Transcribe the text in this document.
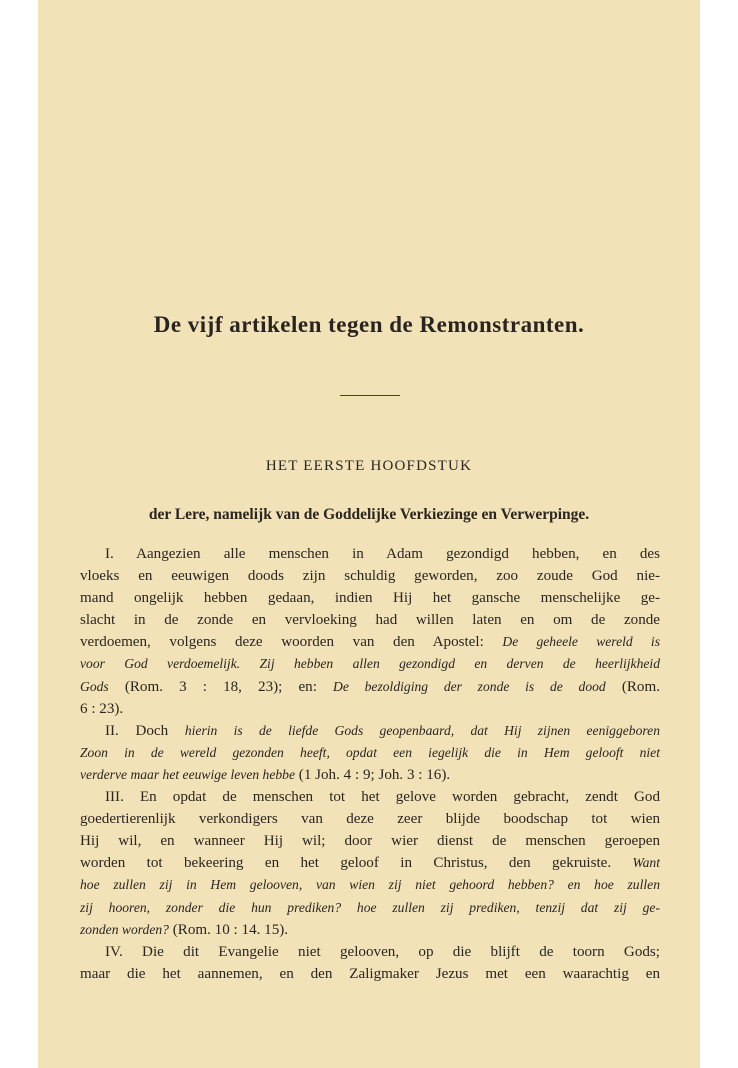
De vijf artikelen tegen de Remonstranten.
HET EERSTE HOOFDSTUK
der Lere, namelijk van de Goddelijke Verkiezinge en Verwerpinge.
I. Aangezien alle menschen in Adam gezondigd hebben, en des
vloeks en eeuwigen doods zijn schuldig geworden, zoo zoude God nie-
mand ongelijk hebben gedaan, indien Hij het gansche menschelijke ge-
slacht in de zonde en vervloeking had willen laten en om de zonde
verdoemen, volgens deze woorden van den Apostel: De geheele wereld is
voor God verdoemelijk. Zij hebben allen gezondigd en derven de heerlijkheid
Gods (Rom. 3 : 18, 23); en: De bezoldiging der zonde is de dood (Rom.
6 : 23).
II. Doch hierin is de liefde Gods geopenbaard, dat Hij zijnen eeniggeboren
Zoon in de wereld gezonden heeft, opdat een iegelijk die in Hem gelooft niet
verderve maar het eeuwige leven hebbe (1 Joh. 4 : 9; Joh. 3 : 16).
III. En opdat de menschen tot het gelove worden gebracht, zendt God
goedertierenlijk verkondigers van deze zeer blijde boodschap tot wien
Hij wil, en wanneer Hij wil; door wier dienst de menschen geroepen
worden tot bekeering en het geloof in Christus, den gekruiste. Want
hoe zullen zij in Hem gelooven, van wien zij niet gehoord hebben? en hoe zullen
zij hooren, zonder die hun prediken? hoe zullen zij prediken, tenzij dat zij ge-
zonden worden? (Rom. 10 : 14. 15).
IV. Die dit Evangelie niet gelooven, op die blijft de toorn Gods;
maar die het aannemen, en den Zaligmaker Jezus met een waarachtig en
